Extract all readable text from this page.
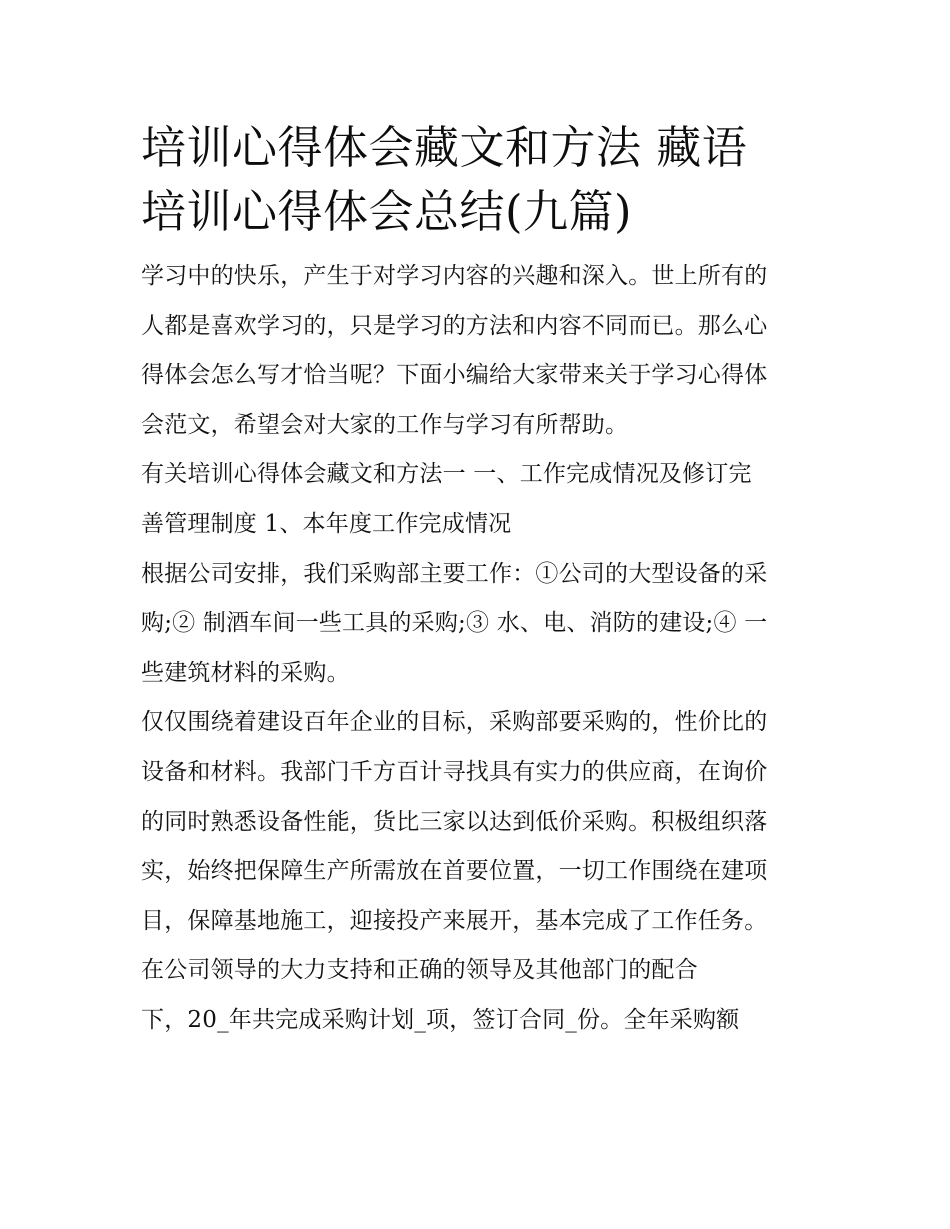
培训心得体会藏文和方法 藏语
培训心得体会总结(九篇)

学习中的快乐，产生于对学习内容的兴趣和深入。世上所有的
人都是喜欢学习的，只是学习的方法和内容不同而已。那么心
得体会怎么写才恰当呢？下面小编给大家带来关于学习心得体
会范文，希望会对大家的工作与学习有所帮助。

有关培训心得体会藏文和方法一 一、工作完成情况及修订完
善管理制度 1、本年度工作完成情况

根据公司安排，我们采购部主要工作：①公司的大型设备的采
购;② 制酒车间一些工具的采购;③ 水、电、消防的建设;④ 一
些建筑材料的采购。

仅仅围绕着建设百年企业的目标，采购部要采购的，性价比的
设备和材料。我部门千方百计寻找具有实力的供应商，在询价
的同时熟悉设备性能，货比三家以达到低价采购。积极组织落
实，始终把保障生产所需放在首要位置，一切工作围绕在建项
目，保障基地施工，迎接投产来展开，基本完成了工作任务。
在公司领导的大力支持和正确的领导及其他部门的配合
下，20_年共完成采购计划_项，签订合同_份。全年采购额
